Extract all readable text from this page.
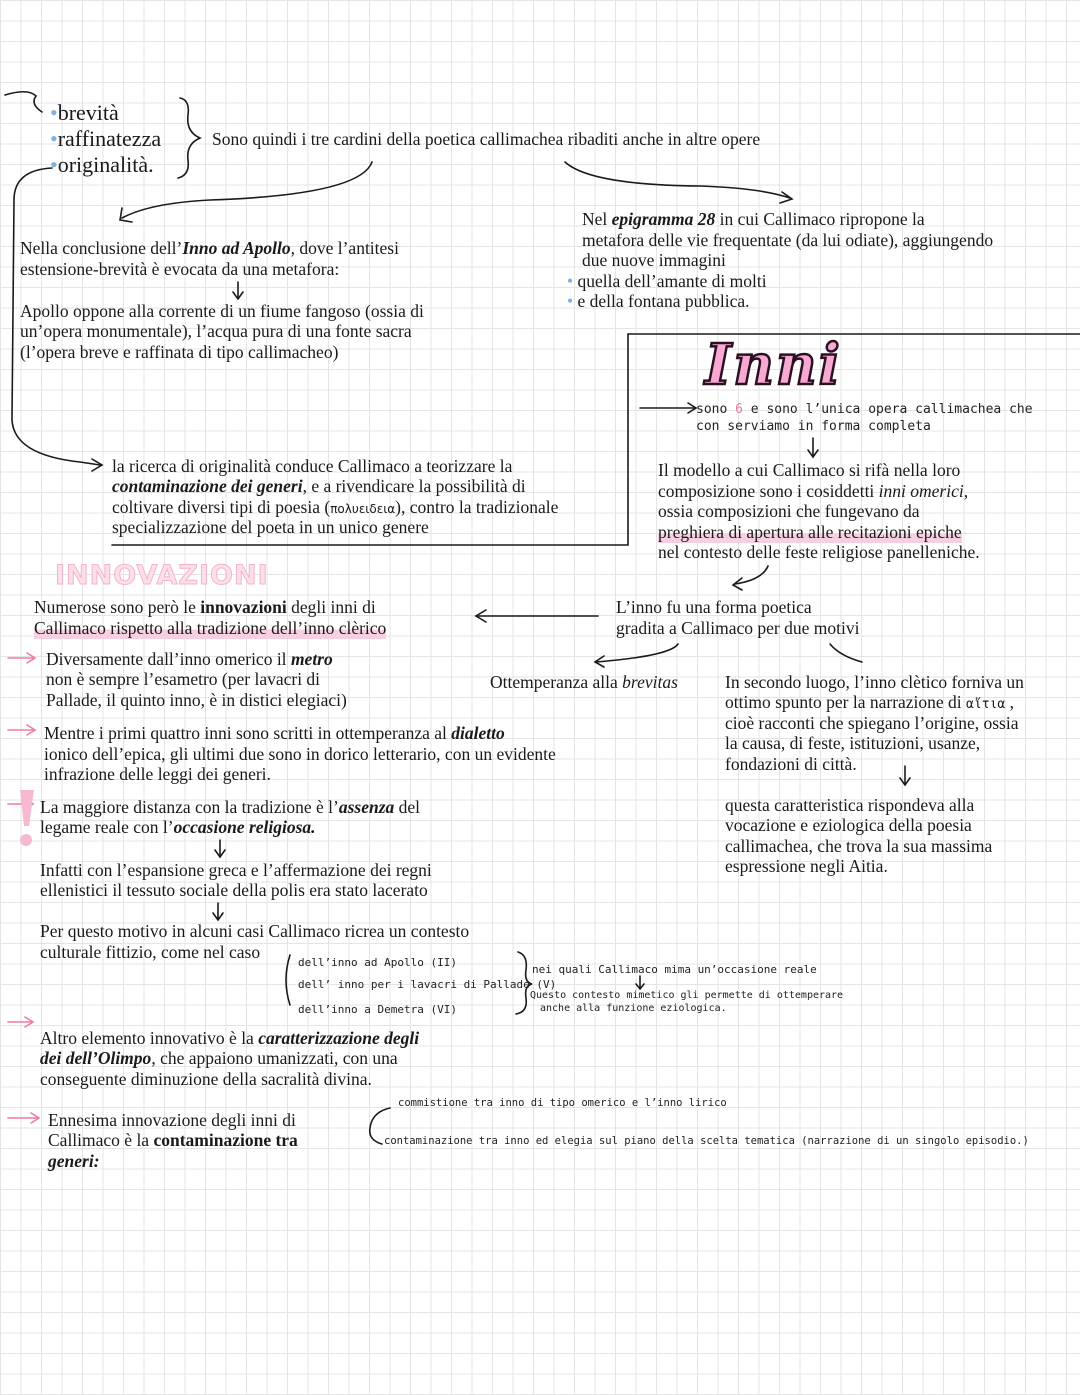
•brevità
•raffinatezza
•originalità.
Sono quindi i tre cardini della poetica callimachea ribaditi anche in altre opere
Nella conclusione dell’Inno ad Apollo, dove l’antitesi
estensione-brevità è evocata da una metafora:
Apollo oppone alla corrente di un fiume fangoso (ossia di
un’opera monumentale), l’acqua pura di una fonte sacra
(l’opera breve e raffinata di tipo callimacheo)
Nel epigramma 28 in cui Callimaco ripropone la
metafora delle vie frequentate (da lui odiate), aggiungendo
due nuove immagini
• quella dell’amante di molti
• e della fontana pubblica.
la ricerca di originalità conduce Callimaco a teorizzare la
contaminazione dei generi, e a rivendicare la possibilità di
coltivare diversi tipi di poesia (πολυειδεια), contro la tradizionale
specializzazione del poeta in un unico genere
Inni
sono 6 e sono l’unica opera callimachea che
con serviamo in forma completa
Il modello a cui Callimaco si rifà nella loro
composizione sono i cosiddetti inni omerici,
ossia composizioni che fungevano da
preghiera di apertura alle recitazioni epiche
nel contesto delle feste religiose panelleniche.
L’inno fu una forma poetica
gradita a Callimaco per due motivi
Ottemperanza alla brevitas	In secondo luogo, l’inno clètico forniva un
ottimo spunto per la narrazione di αἴτια ,
cioè racconti che spiegano l’origine, ossia
la causa, di feste, istituzioni, usanze,
fondazioni di città.
questa caratteristica rispondeva alla
vocazione e eziologica della poesia
callimachea, che trova la sua massima
espressione negli Aitia.
INNOVAZIONI
Numerose sono però le innovazioni degli inni di
Callimaco rispetto alla tradizione dell’inno clèrico
Diversamente dall’inno omerico il metro
non è sempre l’esametro (per lavacri di
Pallade, il quinto inno, è in distici elegiaci)
Mentre i primi quattro inni sono scritti in ottemperanza al dialetto
ionico dell’epica, gli ultimi due sono in dorico letterario, con un evidente
infrazione delle leggi dei generi.
La maggiore distanza con la tradizione è l’assenza del
legame reale con l’occasione religiosa.
Infatti con l’espansione greca e l’affermazione dei regni
ellenistici il tessuto sociale della polis era stato lacerato
Per questo motivo in alcuni casi Callimaco ricrea un contesto
culturale fittizio, come nel caso
dell’inno ad Apollo (II)
dell’ inno per i lavacri di Pallade (V)
dell’inno a Demetra (VI)
nei quali Callimaco mima un’occasione reale
Questo contesto mimetico gli permette di ottemperare
anche alla funzione eziologica.
Altro elemento innovativo è la caratterizzazione degli
dei dell’Olimpo, che appaiono umanizzati, con una
conseguente diminuzione della sacralità divina.
Ennesima innovazione degli inni di
Callimaco è la contaminazione tra
generi:
commistione tra inno di tipo omerico e l’inno lirico
contaminazione tra inno ed elegia sul piano della scelta tematica (narrazione di un singolo episodio.)
